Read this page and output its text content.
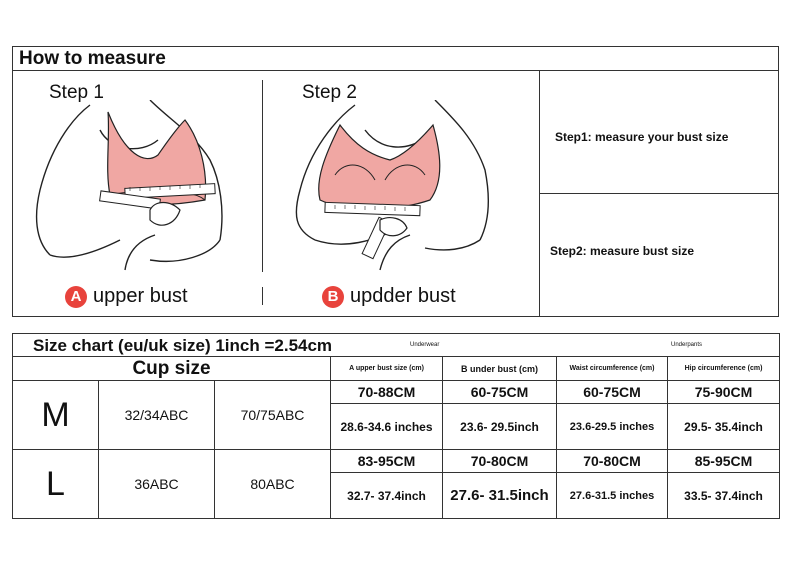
How to measure
Step 1	Step 2
A upper bust	B updder bust
Step1: measure your bust size
Step2: measure bust size
Size chart (eu/uk size) 1inch =2.54cm Underwear Underpants						

Cup size			A upper bust size (cm)	B under bust (cm)	Waist circumference (cm)	Hip circumference (cm)
M	32/34ABC	70/75ABC	70-88CM	60-75CM	60-75CM	75-90CM
			28.6-34.6 inches	23.6- 29.5inch	23.6-29.5 inches	29.5- 35.4inch
L	36ABC	80ABC	83-95CM	70-80CM	70-80CM	85-95CM
			32.7- 37.4inch	27.6- 31.5inch	27.6-31.5 inches	33.5- 37.4inch
